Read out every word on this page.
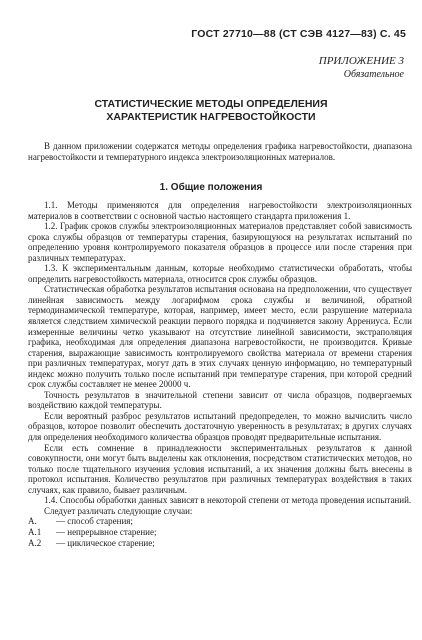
ГОСТ 27710—88 (СТ СЭВ 4127—83) С. 45
ПРИЛОЖЕНИЕ 3
Обязательное
СТАТИСТИЧЕСКИЕ МЕТОДЫ ОПРЕДЕЛЕНИЯ
ХАРАКТЕРИСТИК НАГРЕВОСТОЙКОСТИ

В данном приложении содержатся методы определения графика нагревостойкости, диапазона нагревостойкости и температурного индекса электроизоляционных материалов.

1. Общие положения

1.1. Методы применяются для определения нагревостойкости электроизоляционных материалов в соответствии с основной частью настоящего стандарта приложения 1.

1.2. График сроков службы электроизоляционных материалов представляет собой зависимость срока службы образцов от температуры старения, базирующуюся на результатах испытаний по определению уровня контролируемого показателя образцов в процессе или после старения при различных температурах.

1.3. К экспериментальным данным, которые необходимо статистически обработать, чтобы определить нагревостойкость материала, относится срок службы образцов.

Статистическая обработка результатов испытания основана на предположении, что существует линейная зависимость между логарифмом срока службы и величиной, обратной термодинамической температуре, которая, например, имеет место, если разрушение материала является следствием химической реакции первого порядка и подчиняется закону Аррениуса. Если измеренные величины четко указывают на отсутствие линейной зависимости, экстраполяция графика, необходимая для определения диапазона нагревостойкости, не производится. Кривые старения, выражающие зависимость контролируемого свойства материала от времени старения при различных температурах, могут дать в этих случаях ценную информацию, но температурный индекс можно получить только после испытаний при температуре старения, при которой средний срок службы составляет не менее 20000 ч.

Точность результатов в значительной степени зависит от числа образцов, подвергаемых воздействию каждой температуры.

Если вероятный разброс результатов испытаний предопределен, то можно вычислить число образцов, которое позволит обеспечить достаточную уверенность в результатах; в других случаях для определения необходимого количества образцов проводят предварительные испытания.

Если есть сомнение в принадлежности экспериментальных результатов к данной совокупности, они могут быть выделены как отклонения, посредством статистических методов, но только после тщательного изучения условия испытаний, а их значения должны быть внесены в протокол испытания. Количество результатов при различных температурах воздействия в таких случаях, как правило, бывает различным.

1.4. Способы обработки данных зависят в некоторой степени от метода проведения испытаний.

Следует различать следующие случаи:

А. — способ старения;
А.1 — непрерывное старение;
А.2 — циклическое старение;
